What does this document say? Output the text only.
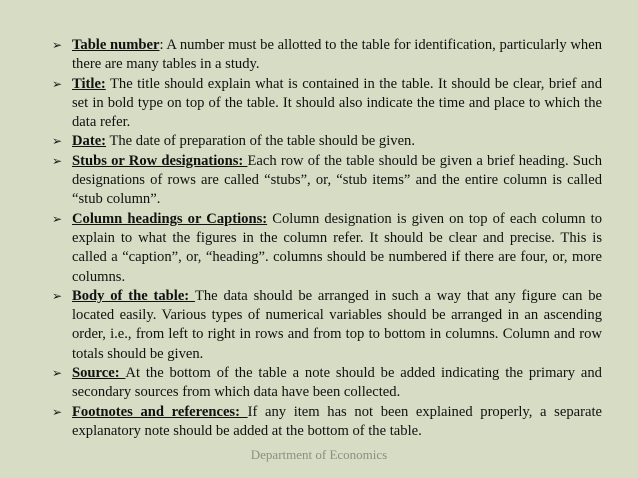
➢ Table number: A number must be allotted to the table for identification, particularly when there are many tables in a study.
➢ Title: The title should explain what is contained in the table. It should be clear, brief and set in bold type on top of the table. It should also indicate the time and place to which the data refer.
➢ Date: The date of preparation of the table should be given.
➢ Stubs or Row designations: Each row of the table should be given a brief heading. Such designations of rows are called “stubs”, or, “stub items” and the entire column is called “stub column”.
➢ Column headings or Captions: Column designation is given on top of each column to explain to what the figures in the column refer. It should be clear and precise. This is called a “caption”, or, “heading”. columns should be numbered if there are four, or, more columns.
➢ Body of the table: The data should be arranged in such a way that any figure can be located easily. Various types of numerical variables should be arranged in an ascending order, i.e., from left to right in rows and from top to bottom in columns. Column and row totals should be given.
➢ Source: At the bottom of the table a note should be added indicating the primary and secondary sources from which data have been collected.
➢ Footnotes and references: If any item has not been explained properly, a separate explanatory note should be added at the bottom of the table.
Department of Economics
